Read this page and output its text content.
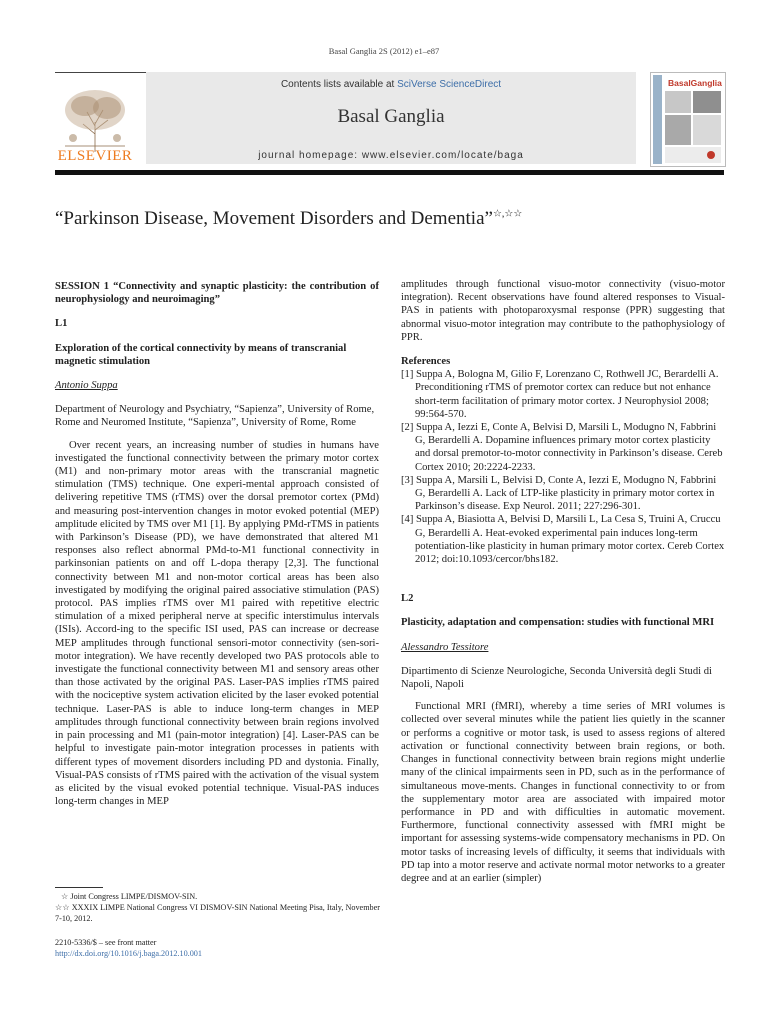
Basal Ganglia 2S (2012) e1–e87
ELSEVIER
Contents lists available at SciVerse ScienceDirect
Basal Ganglia
journal homepage: www.elsevier.com/locate/baga
BasalGanglia
“Parkinson Disease, Movement Disorders and Dementia”☆,☆☆

SESSION 1 “Connectivity and synaptic plasticity: the contribution of neurophysiology and neuroimaging”

L1

Exploration of the cortical connectivity by means of transcranial magnetic stimulation

Antonio Suppa

Department of Neurology and Psychiatry, “Sapienza”, University of Rome, Rome and Neuromed Institute, “Sapienza”, University of Rome, Rome

Over recent years, an increasing number of studies in humans have investigated the functional connectivity between the primary motor cortex (M1) and non-primary motor areas with the transcranial magnetic stimulation (TMS) technique. One experi-mental approach consisted of delivering repetitive TMS (rTMS) over the dorsal premotor cortex (PMd) and measuring post-intervention changes in motor evoked potential (MEP) amplitude elicited by TMS over M1 [1]. By applying PMd-rTMS in patients with Parkinson’s Disease (PD), we have demonstrated that altered M1 responses also reflect abnormal PMd-to-M1 functional connectivity in parkinsonian patients on and off L-dopa therapy [2,3]. The functional connectivity between M1 and non-motor cortical areas has been also investigated by modifying the original paired associative stimulation (PAS) protocol. PAS implies rTMS over M1 paired with repetitive electric stimulation of a mixed peripheral nerve at specific interstimulus intervals (ISIs). Accord-ing to the specific ISI used, PAS can increase or decrease MEP amplitudes through functional sensori-motor connectivity (sen-sori-motor integration). We have recently developed two PAS protocols able to investigate the functional connectivity between M1 and sensory areas other than those activated by the original PAS. Laser-PAS implies rTMS paired with the nociceptive system activation elicited by the laser evoked potential technique. Laser-PAS is able to induce long-term changes in MEP amplitudes through functional connectivity between brain regions involved in pain processing and M1 (pain-motor integration) [4]. Laser-PAS can be helpful to investigate pain-motor integration processes in patients with different types of movement disorders including PD and dystonia. Finally, Visual-PAS consists of rTMS paired with the activation of the visual system as elicited by the visual evoked potential technique. Visual-PAS induces long-term changes in MEP

☆ Joint Congress LIMPE/DISMOV-SIN.
☆☆ XXXIX LIMPE National Congress VI DISMOV-SIN National Meeting Pisa, Italy, November 7-10, 2012.
2210-5336/$ – see front matter
http://dx.doi.org/10.1016/j.baga.2012.10.001

amplitudes through functional visuo-motor connectivity (visuo-motor integration). Recent observations have found altered responses to Visual-PAS in patients with photoparoxysmal response (PPR) suggesting that abnormal visuo-motor integration may contribute to the pathophysiology of PPR.

References

[1] Suppa A, Bologna M, Gilio F, Lorenzano C, Rothwell JC, Berardelli A. Preconditioning rTMS of premotor cortex can reduce but not enhance short-term facilitation of primary motor cortex. J Neurophysiol 2008; 99:564-570.

[2] Suppa A, Iezzi E, Conte A, Belvisi D, Marsili L, Modugno N, Fabbrini G, Berardelli A. Dopamine influences primary motor cortex plasticity and dorsal premotor-to-motor connectivity in Parkinson’s disease. Cereb Cortex 2010; 20:2224-2233.

[3] Suppa A, Marsili L, Belvisi D, Conte A, Iezzi E, Modugno N, Fabbrini G, Berardelli A. Lack of LTP-like plasticity in primary motor cortex in Parkinson’s disease. Exp Neurol. 2011; 227:296-301.

[4] Suppa A, Biasiotta A, Belvisi D, Marsili L, La Cesa S, Truini A, Cruccu G, Berardelli A. Heat-evoked experimental pain induces long-term potentiation-like plasticity in human primary motor cortex. Cereb Cortex 2012; doi:10.1093/cercor/bhs182.

L2

Plasticity, adaptation and compensation: studies with functional MRI

Alessandro Tessitore

Dipartimento di Scienze Neurologiche, Seconda Università degli Studi di Napoli, Napoli

Functional MRI (fMRI), whereby a time series of MRI volumes is collected over several minutes while the patient lies quietly in the scanner or performs a cognitive or motor task, is used to assess regions of altered activation or functional connectivity between brain regions, or both. Changes in functional connectivity between brain regions might underlie many of the clinical impairments seen in PD, such as in the performance of simultaneous move-ments. Changes in functional connectivity to or from the supplementary motor area are associated with impaired motor performance in PD and with difficulties in automatic movement. Furthermore, functional connectivity assessed with fMRI might be important for assessing systems-wide compensatory mechanisms in PD. On motor tasks of increasing levels of difficulty, it seems that individuals with PD tap into a motor reserve and activate normal motor networks to a greater degree and at an earlier (simpler)
